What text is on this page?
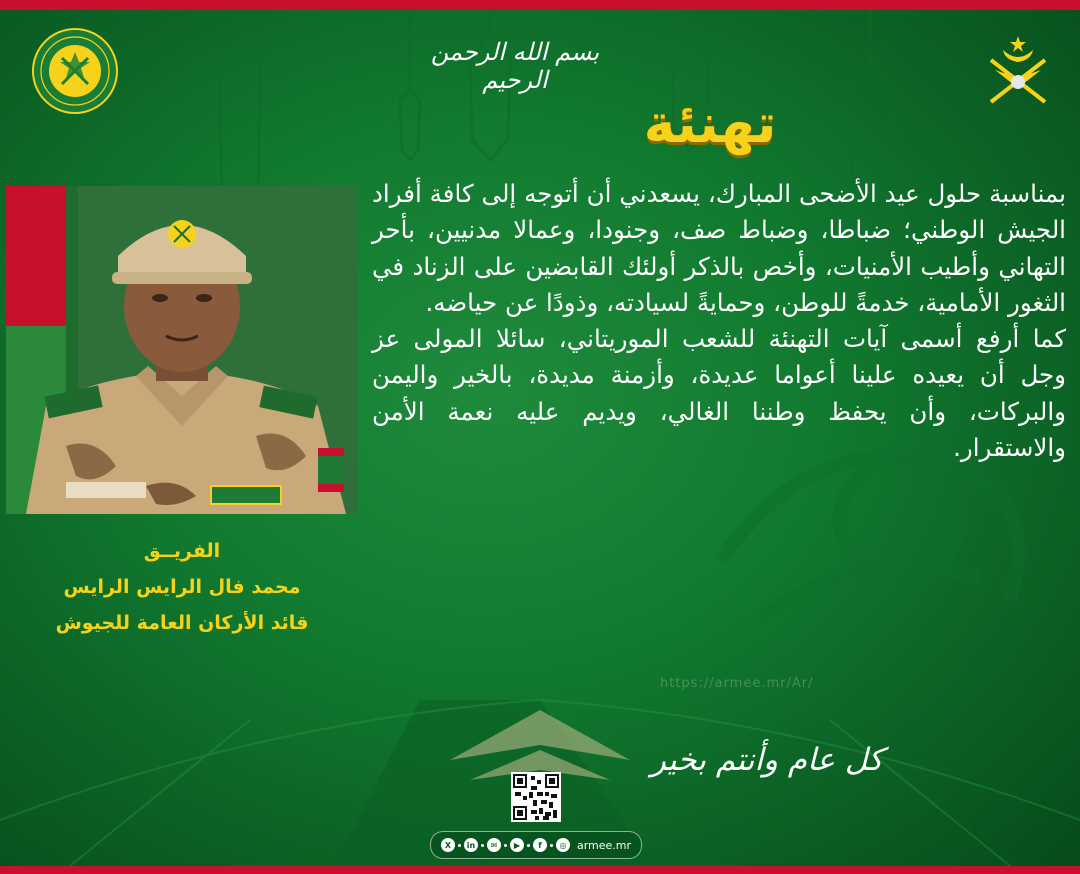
بسم الله الرحمن الرحيم
تهنئة

بمناسبة حلول عيد الأضحى المبارك، يسعدني أن أتوجه إلى كافة أفراد الجيش الوطني؛ ضباطا، وضباط صف، وجنودا، وعمالا مدنيين، بأحر التهاني وأطيب الأمنيات، وأخص بالذكر أولئك القابضين على الزناد في الثغور الأمامية، خدمةً للوطن، وحمايةً لسيادته، وذودًا عن حياضه.

كما أرفع أسمى آيات التهنئة للشعب الموريتاني، سائلا المولى عز وجل أن يعيده علينا أعواما عديدة، وأزمنة مديدة، بالخير واليمن والبركات، وأن يحفظ وطننا الغالي، ويديم عليه نعمة الأمن والاستقرار.

الفريــق
محمد فال الرايس الرايس
قائد الأركان العامة للجيوش
https://armee.mr/Ar/
كل عام وأنتم بخير
X	in	✉	▶	f	◎ armee.mr
